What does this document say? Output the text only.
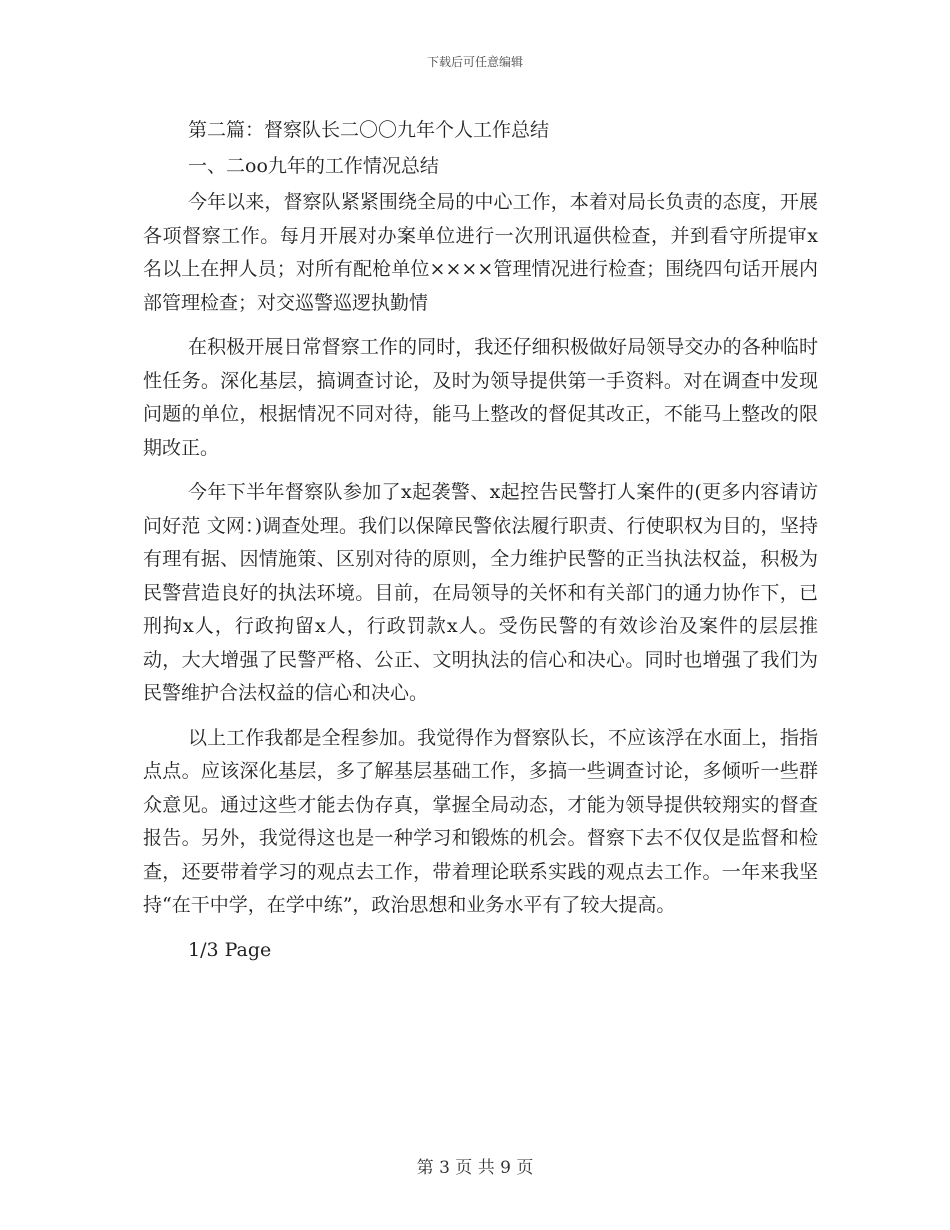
下载后可任意编辑
第二篇：督察队长二〇〇九年个人工作总结
一、二oo九年的工作情况总结

今年以来，督察队紧紧围绕全局的中心工作，本着对局长负责的态度，开展各项督察工作。每月开展对办案单位进行一次刑讯逼供检查，并到看守所提审x名以上在押人员；对所有配枪单位××××管理情况进行检查；围绕四句话开展内部管理检查；对交巡警巡逻执勤情

在积极开展日常督察工作的同时，我还仔细积极做好局领导交办的各种临时性任务。深化基层，搞调查讨论，及时为领导提供第一手资料。对在调查中发现问题的单位，根据情况不同对待，能马上整改的督促其改正，不能马上整改的限期改正。

今年下半年督察队参加了x起袭警、x起控告民警打人案件的(更多内容请访问好范 文网：)调查处理。我们以保障民警依法履行职责、行使职权为目的，坚持有理有据、因情施策、区别对待的原则，全力维护民警的正当执法权益，积极为民警营造良好的执法环境。目前，在局领导的关怀和有关部门的通力协作下，已刑拘x人，行政拘留x人，行政罚款x人。受伤民警的有效诊治及案件的层层推动，大大增强了民警严格、公正、文明执法的信心和决心。同时也增强了我们为民警维护合法权益的信心和决心。

以上工作我都是全程参加。我觉得作为督察队长，不应该浮在水面上，指指点点。应该深化基层，多了解基层基础工作，多搞一些调查讨论，多倾听一些群众意见。通过这些才能去伪存真，掌握全局动态，才能为领导提供较翔实的督查报告。另外，我觉得这也是一种学习和锻炼的机会。督察下去不仅仅是监督和检查，还要带着学习的观点去工作，带着理论联系实践的观点去工作。一年来我坚持“在干中学，在学中练”，政治思想和业务水平有了较大提高。

1/3 Page
第 3 页 共 9 页
